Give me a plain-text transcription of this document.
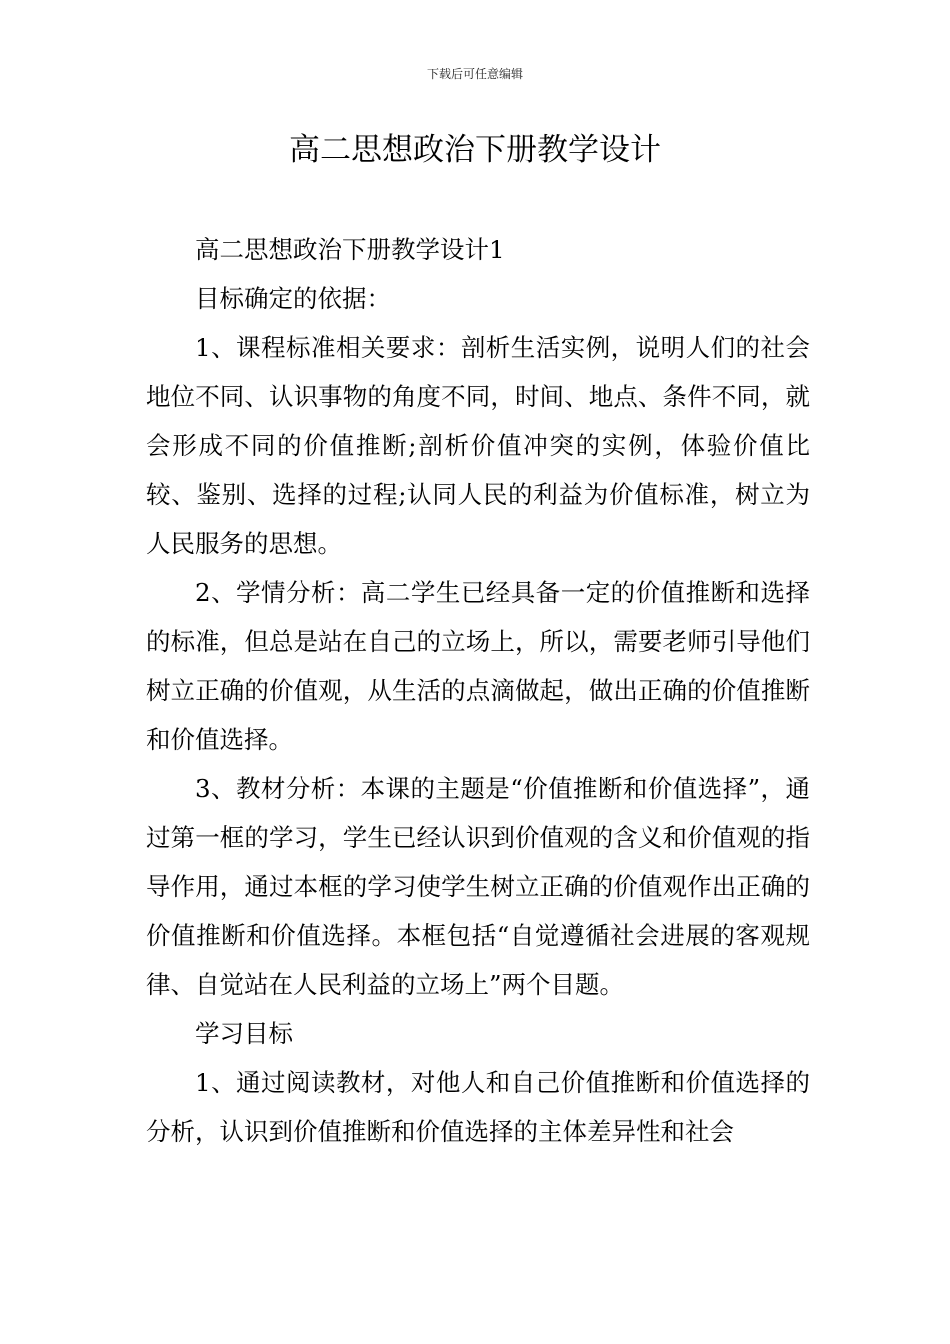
下载后可任意编辑
高二思想政治下册教学设计

高二思想政治下册教学设计1

目标确定的依据：

1、课程标准相关要求：剖析生活实例，说明人们的社会地位不同、认识事物的角度不同，时间、地点、条件不同，就会形成不同的价值推断;剖析价值冲突的实例，体验价值比较、鉴别、选择的过程;认同人民的利益为价值标准，树立为人民服务的思想。

2、学情分析：高二学生已经具备一定的价值推断和选择的标准，但总是站在自己的立场上，所以，需要老师引导他们树立正确的价值观，从生活的点滴做起，做出正确的价值推断和价值选择。

3、教材分析：本课的主题是“价值推断和价值选择”，通过第一框的学习，学生已经认识到价值观的含义和价值观的指导作用，通过本框的学习使学生树立正确的价值观作出正确的价值推断和价值选择。本框包括“自觉遵循社会进展的客观规律、自觉站在人民利益的立场上”两个目题。

学习目标

1、通过阅读教材，对他人和自己价值推断和价值选择的分析，认识到价值推断和价值选择的主体差异性和社会
